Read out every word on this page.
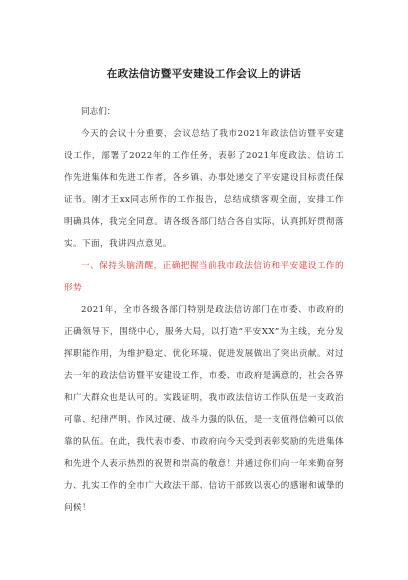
在政法信访暨平安建设工作会议上的讲话

同志们：

今天的会议十分重要，会议总结了我市2021年政法信访暨平安建设工作，部署了2022年的工作任务，表彰了2021年度政法、信访工作先进集体和先进工作者，各乡镇、办事处递交了平安建设目标责任保证书。刚才王xx同志所作的工作报告，总结成绩客观全面，安排工作明确具体，我完全同意。请各级各部门结合各自实际，认真抓好贯彻落实。下面，我讲四点意见。

一、保持头脑清醒，正确把握当前我市政法信访和平安建设工作的形势

2021年，全市各级各部门特别是政法信访部门在市委、市政府的正确领导下，围绕中心，服务大局，以打造“平安XX”为主线，充分发挥职能作用，为维护稳定、优化环境、促进发展做出了突出贡献。对过去一年的政法信访暨平安建设工作，市委、市政府是满意的，社会各界和广大群众也是认可的。实践证明，我市政法信访工作队伍是一支政治可靠、纪律严明、作风过硬、战斗力强的队伍，是一支值得信赖可以依靠的队伍。在此，我代表市委、市政府向今天受到表彰奖励的先进集体和先进个人表示热烈的祝贺和崇高的敬意！并通过你们向一年来勤奋努力、扎实工作的全市广大政法干部、信访干部致以衷心的感谢和诚挚的问候！
